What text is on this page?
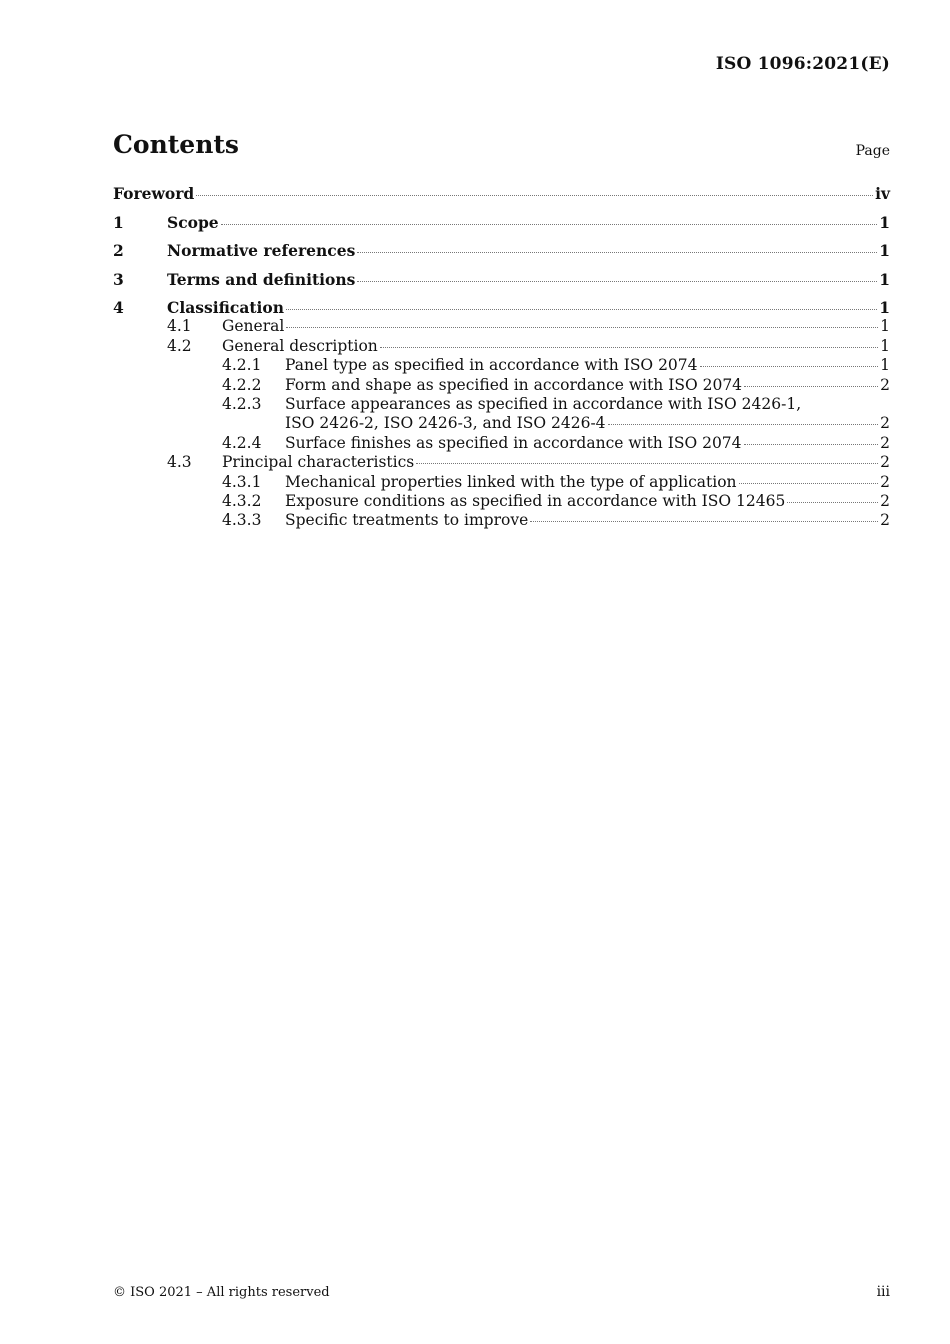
ISO 1096:2021(E)
Contents	Page
Foreword	iv
1	Scope	1
2	Normative references	1
3	Terms and definitions	1
4	Classification	1
4.1	General	1
4.2	General description	1
4.2.1	Panel type as specified in accordance with ISO 2074	1
4.2.2	Form and shape as specified in accordance with ISO 2074	2
4.2.3	Surface appearances as specified in accordance with ISO 2426-1,
ISO 2426-2, ISO 2426-3, and ISO 2426-4	2
4.2.4	Surface finishes as specified in accordance with ISO 2074	2
4.3	Principal characteristics	2
4.3.1	Mechanical properties linked with the type of application	2
4.3.2	Exposure conditions as specified in accordance with ISO 12465	2
4.3.3	Specific treatments to improve	2
© ISO 2021 – All rights reserved	iii
